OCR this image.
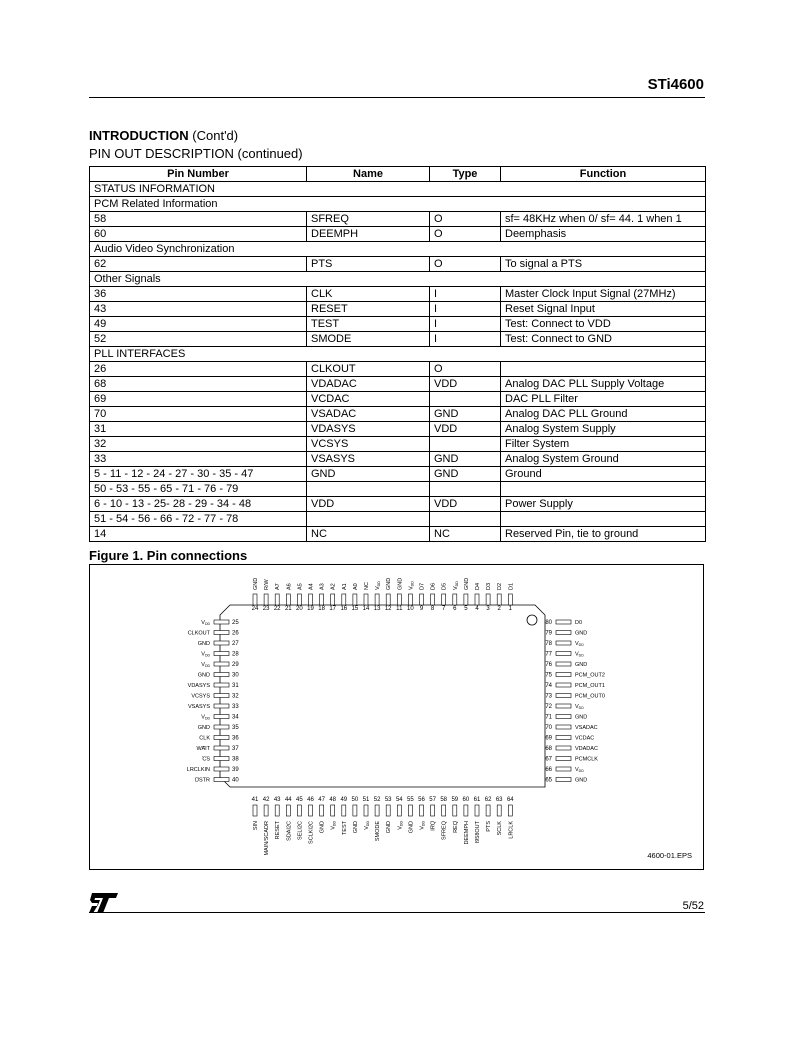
STi4600
INTRODUCTION (Cont'd)
PIN OUT DESCRIPTION (continued)
Pin Number	Name	Type	Function
STATUS INFORMATION			
PCM Related Information			
58	SFREQ	O	sf= 48KHz when 0/ sf= 44. 1 when 1
60	DEEMPH	O	Deemphasis
Audio Video Synchronization			
62	PTS	O	To signal a PTS
Other Signals			
36	CLK	I	Master Clock Input Signal (27MHz)
43	RESET	I	Reset Signal Input
49	TEST	I	Test: Connect to VDD
52	SMODE	I	Test: Connect to GND
PLL INTERFACES			
26	CLKOUT	O	
68	VDADAC	VDD	Analog DAC PLL Supply Voltage
69	VCDAC		DAC PLL Filter
70	VSADAC	GND	Analog DAC PLL Ground
31	VDASYS	VDD	Analog System Supply
32	VCSYS		Filter System
33	VSASYS	GND	Analog System Ground
5 - 11 - 12 - 24 - 27 - 30 - 35 - 47	GND	GND	Ground
50 - 53 - 55 - 65 - 71 - 76 - 79			
6 - 10 - 13 - 25- 28 - 29 - 34 - 48	VDD	VDD	Power Supply
51 - 54 - 56 - 66 - 72 - 77 - 78			
14	NC	NC	Reserved Pin, tie to ground
Figure 1. Pin connections
24
GND
23
R/W
22
A7
21
A6
20
A5
19
A4
18
A3
17
A2
16
A1
15
A0
14
NC
13
VDD
12
GND
11
GND
10
VDD
9
D7
8
D6
7
D5
6
VDD
5
GND
4
D4
3
D3
2
D2
1
D1
25
VDD
26
CLKOUT
27
GND
28
VDD
29
VDD
30
GND
31
VDASYS
32
VCSYS
33
VSASYS
34
VDD
35
GND
36
CLK
37
WAIT
38
CS
39
LRCLKIN
40
DSTR
80	D0
79	GND
78	VDD
77	VDD
76	GND
75	PCM_OUT2
74	PCM_OUT1
73	PCM_OUT0
72	VDD
71	GND
70	VSADAC
69	VCDAC
68	VDADAC
67	PCMCLK
66	VDD
65	GND
41
SIN
42
MAIN/SCADR
43
RESET
44
SDAI2C
45
SELI2C
46
SCLKI2C
47
GND
48
VDD
49
TEST
50
GND
51
VDD
52
SMODE
53
GND
54
VDD
55
GND
56
VDD
57
IRQ
58
SFREQ
59
REQ
60
DEEMPH
61
I958OUT
62
PTS
63
SCLK
64
LRCLK
4600-01.EPS
5/52
